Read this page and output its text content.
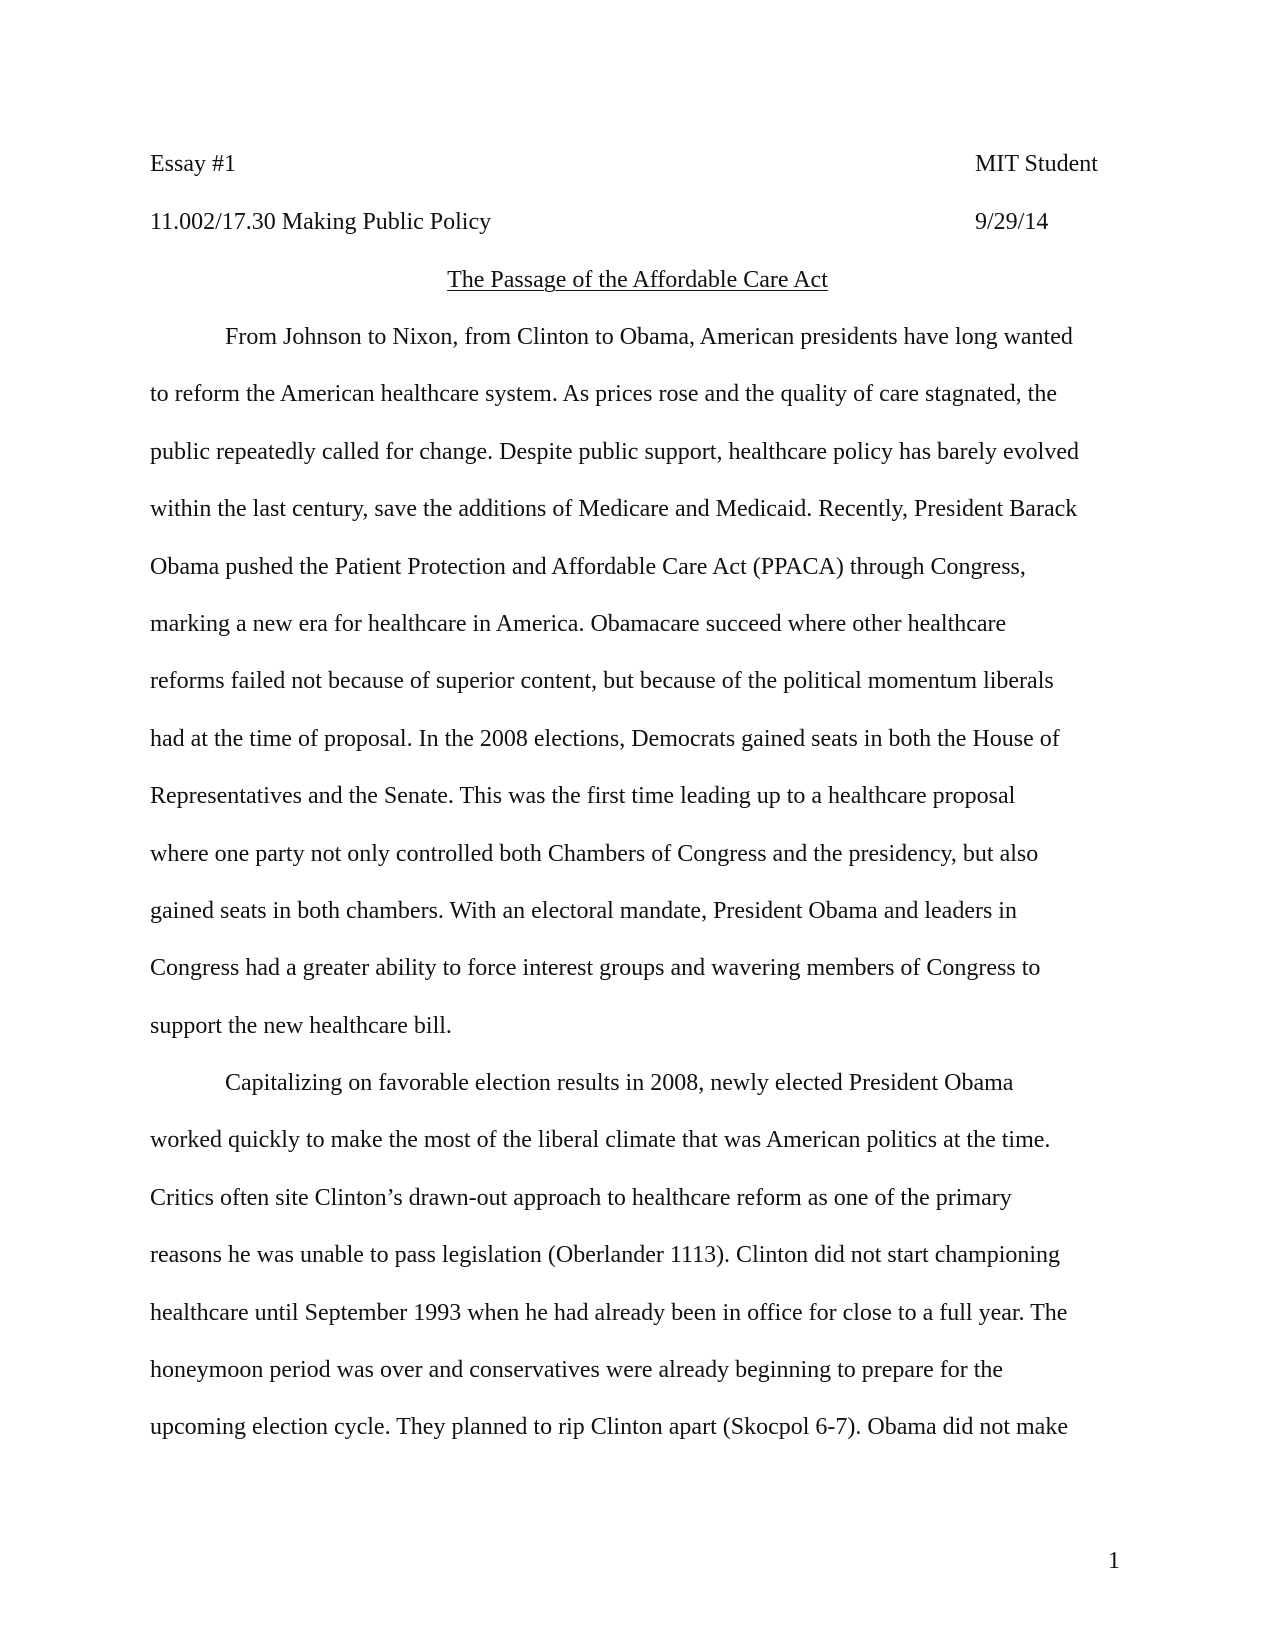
Essay #1	MIT Student
11.002/17.30 Making Public Policy	9/29/14
The Passage of the Affordable Care Act
From Johnson to Nixon, from Clinton to Obama, American presidents have long wanted
to reform the American healthcare system. As prices rose and the quality of care stagnated, the
public repeatedly called for change. Despite public support, healthcare policy has barely evolved
within the last century, save the additions of Medicare and Medicaid. Recently, President Barack
Obama pushed the Patient Protection and Affordable Care Act (PPACA) through Congress,
marking a new era for healthcare in America. Obamacare succeed where other healthcare
reforms failed not because of superior content, but because of the political momentum liberals
had at the time of proposal. In the 2008 elections, Democrats gained seats in both the House of
Representatives and the Senate. This was the first time leading up to a healthcare proposal
where one party not only controlled both Chambers of Congress and the presidency, but also
gained seats in both chambers. With an electoral mandate, President Obama and leaders in
Congress had a greater ability to force interest groups and wavering members of Congress to
support the new healthcare bill.
Capitalizing on favorable election results in 2008, newly elected President Obama
worked quickly to make the most of the liberal climate that was American politics at the time.
Critics often site Clinton’s drawn-out approach to healthcare reform as one of the primary
reasons he was unable to pass legislation (Oberlander 1113). Clinton did not start championing
healthcare until September 1993 when he had already been in office for close to a full year. The
honeymoon period was over and conservatives were already beginning to prepare for the
upcoming election cycle. They planned to rip Clinton apart (Skocpol 6-7). Obama did not make
1
